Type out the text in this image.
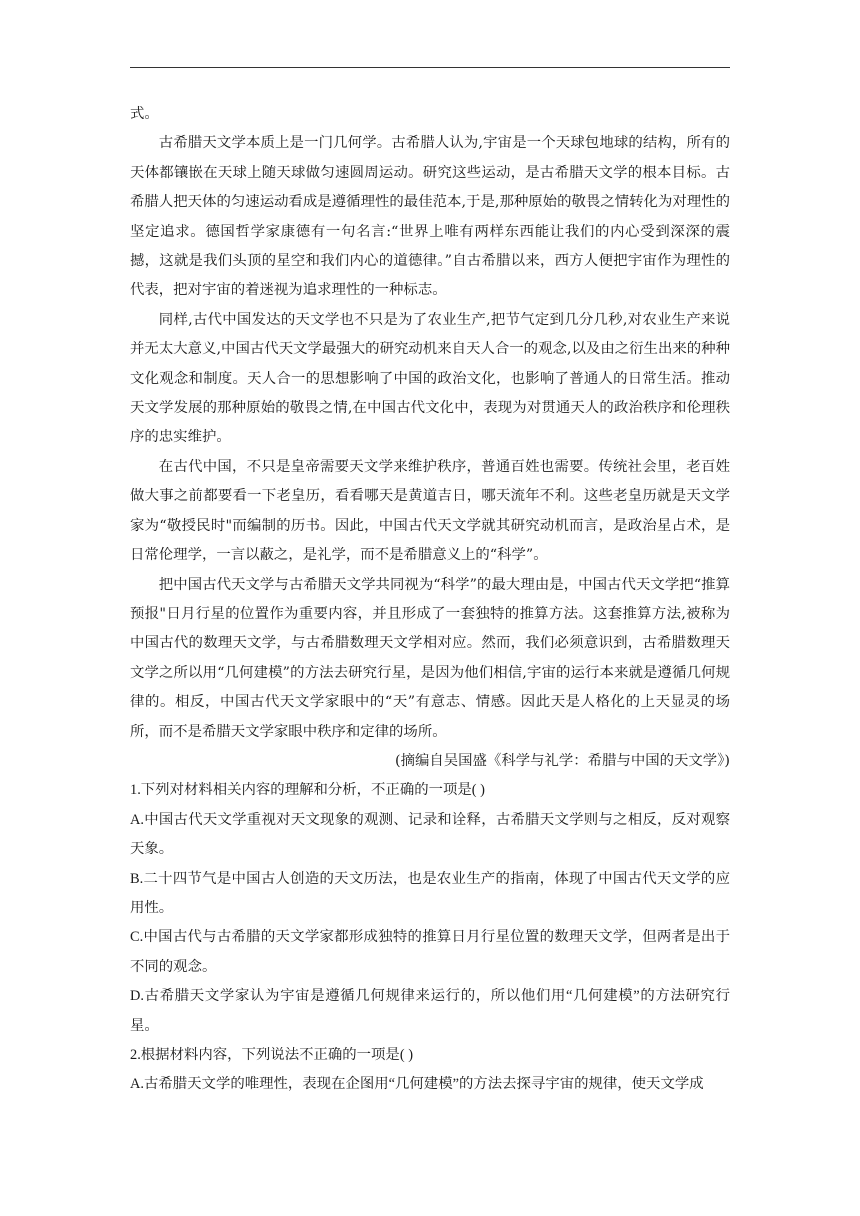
式。

古希腊天文学本质上是一门几何学。古希腊人认为,宇宙是一个天球包地球的结构，所有的天体都镶嵌在天球上随天球做匀速圆周运动。研究这些运动，是古希腊天文学的根本目标。古希腊人把天体的匀速运动看成是遵循理性的最佳范本,于是,那种原始的敬畏之情转化为对理性的坚定追求。德国哲学家康德有一句名言:“世界上唯有两样东西能让我们的内心受到深深的震撼，这就是我们头顶的星空和我们内心的道德律。”自古希腊以来，西方人便把宇宙作为理性的代表，把对宇宙的着迷视为追求理性的一种标志。

同样,古代中国发达的天文学也不只是为了农业生产,把节气定到几分几秒,对农业生产来说并无太大意义,中国古代天文学最强大的研究动机来自天人合一的观念,以及由之衍生出来的种种文化观念和制度。天人合一的思想影响了中国的政治文化，也影响了普通人的日常生活。推动天文学发展的那种原始的敬畏之情,在中国古代文化中，表现为对贯通天人的政治秩序和伦理秩序的忠实维护。

在古代中国，不只是皇帝需要天文学来维护秩序，普通百姓也需要。传统社会里，老百姓做大事之前都要看一下老皇历，看看哪天是黄道吉日，哪天流年不利。这些老皇历就是天文学家为“敬授民时"而编制的历书。因此，中国古代天文学就其研究动机而言，是政治星占术，是日常伦理学，一言以蔽之，是礼学，而不是希腊意义上的“科学”。

把中国古代天文学与古希腊天文学共同视为“科学”的最大理由是，中国古代天文学把“推算预报"日月行星的位置作为重要内容，并且形成了一套独特的推算方法。这套推算方法,被称为中国古代的数理天文学，与古希腊数理天文学相对应。然而，我们必须意识到，古希腊数理天文学之所以用“几何建模”的方法去研究行星，是因为他们相信,宇宙的运行本来就是遵循几何规律的。相反，中国古代天文学家眼中的“天”有意志、情感。因此天是人格化的上天显灵的场所，而不是希腊天文学家眼中秩序和定律的场所。

(摘编自吴国盛《科学与礼学：希腊与中国的天文学》)

1.下列对材料相关内容的理解和分析，不正确的一项是( )

A.中国古代天文学重视对天文现象的观测、记录和诠释，古希腊天文学则与之相反，反对观察天象。

B.二十四节气是中国古人创造的天文历法，也是农业生产的指南，体现了中国古代天文学的应用性。

C.中国古代与古希腊的天文学家都形成独特的推算日月行星位置的数理天文学，但两者是出于不同的观念。

D.古希腊天文学家认为宇宙是遵循几何规律来运行的，所以他们用“几何建模”的方法研究行星。

2.根据材料内容，下列说法不正确的一项是( )

A.古希腊天文学的唯理性，表现在企图用“几何建模”的方法去探寻宇宙的规律，使天文学成
